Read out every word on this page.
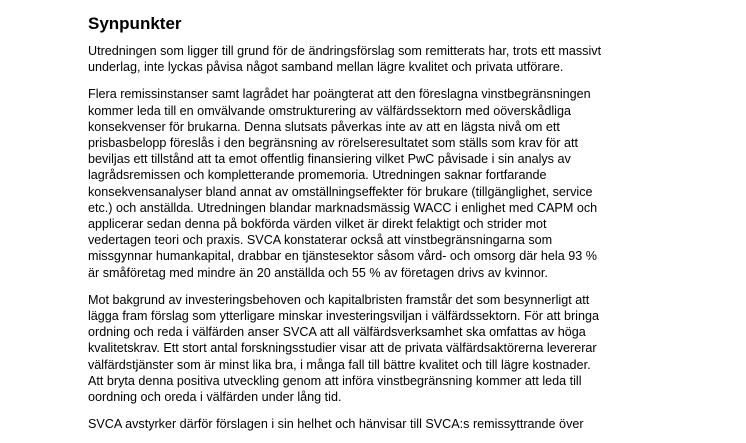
Synpunkter

Utredningen som ligger till grund för de ändringsförslag som remitterats har, trots ett massivt
underlag, inte lyckas påvisa något samband mellan lägre kvalitet och privata utförare.

Flera remissinstanser samt lagrådet har poängterat att den föreslagna vinstbegränsningen
kommer leda till en omvälvande omstrukturering av välfärdssektorn med oöverskådliga
konsekvenser för brukarna. Denna slutsats påverkas inte av att en lägsta nivå om ett
prisbasbelopp föreslås i den begränsning av rörelseresultatet som ställs som krav för att
beviljas ett tillstånd att ta emot offentlig finansiering vilket PwC påvisade i sin analys av
lagrådsremissen och kompletterande promemoria. Utredningen saknar fortfarande
konsekvensanalyser bland annat av omställningseffekter för brukare (tillgänglighet, service
etc.) och anställda. Utredningen blandar marknadsmässig WACC i enlighet med CAPM och
applicerar sedan denna på bokförda värden vilket är direkt felaktigt och strider mot
vedertagen teori och praxis. SVCA konstaterar också att vinstbegränsningarna som
missgynnar humankapital, drabbar en tjänstesektor såsom vård- och omsorg där hela 93 %
är småföretag med mindre än 20 anställda och 55 % av företagen drivs av kvinnor.

Mot bakgrund av investeringsbehoven och kapitalbristen framstår det som besynnerligt att
lägga fram förslag som ytterligare minskar investeringsviljan i välfärdssektorn. För att bringa
ordning och reda i välfärden anser SVCA att all välfärdsverksamhet ska omfattas av höga
kvalitetskrav. Ett stort antal forskningsstudier visar att de privata välfärdsaktörerna levererar
välfärdstjänster som är minst lika bra, i många fall till bättre kvalitet och till lägre kostnader.
Att bryta denna positiva utveckling genom att införa vinstbegränsning kommer att leda till
oordning och oreda i välfärden under lång tid.

SVCA avstyrker därför förslagen i sin helhet och hänvisar till SVCA:s remissyttrande över
